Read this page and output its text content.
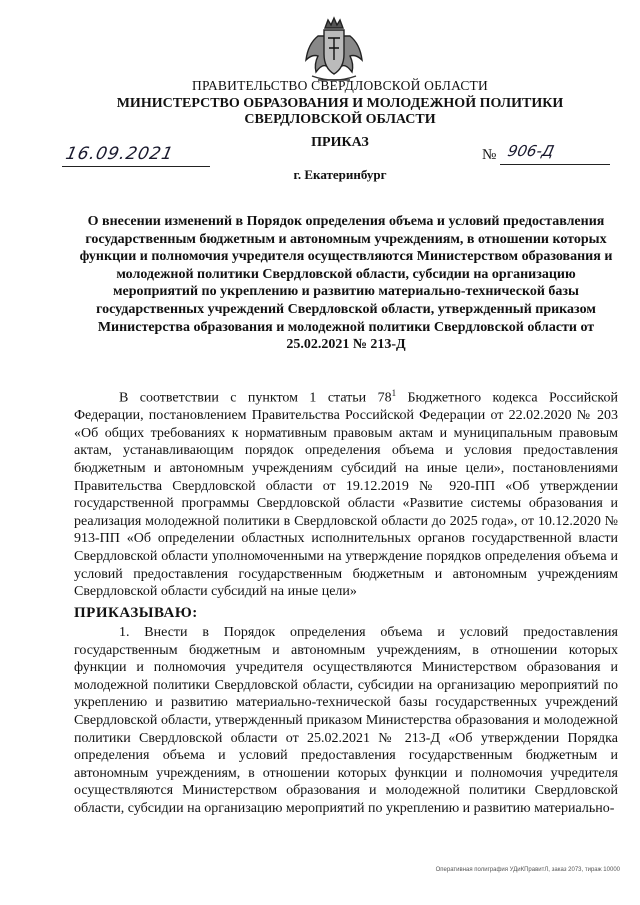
ПРАВИТЕЛЬСТВО СВЕРДЛОВСКОЙ ОБЛАСТИ
МИНИСТЕРСТВО ОБРАЗОВАНИЯ И МОЛОДЕЖНОЙ ПОЛИТИКИ
СВЕРДЛОВСКОЙ ОБЛАСТИ
ПРИКАЗ
16.09.2021	№ 906-Д
г. Екатеринбург
О внесении изменений в Порядок определения объема и условий предоставления государственным бюджетным и автономным учреждениям, в отношении которых функции и полномочия учредителя осуществляются Министерством образования и молодежной политики Свердловской области, субсидии на организацию мероприятий по укреплению и развитию материально-технической базы государственных учреждений Свердловской области, утвержденный приказом Министерства образования и молодежной политики Свердловской области от 25.02.2021 № 213-Д
В соответствии с пунктом 1 статьи $78^1$ Бюджетного кодекса Российской Федерации, постановлением Правительства Российской Федерации от 22.02.2020 № 203 «Об общих требованиях к нормативным правовым актам и муниципальным правовым актам, устанавливающим порядок определения объема и условия предоставления бюджетным и автономным учреждениям субсидий на иные цели», постановлениями Правительства Свердловской области от 19.12.2019 № 920-ПП «Об утверждении государственной программы Свердловской области «Развитие системы образования и реализация молодежной политики в Свердловской области до 2025 года», от 10.12.2020 № 913-ПП «Об определении областных исполнительных органов государственной власти Свердловской области уполномоченными на утверждение порядков определения объема и условий предоставления государственным бюджетным и автономным учреждениям Свердловской области субсидий на иные цели»
ПРИКАЗЫВАЮ:
1. Внести в Порядок определения объема и условий предоставления государственным бюджетным и автономным учреждениям, в отношении которых функции и полномочия учредителя осуществляются Министерством образования и молодежной политики Свердловской области, субсидии на организацию мероприятий по укреплению и развитию материально-технической базы государственных учреждений Свердловской области, утвержденный приказом Министерства образования и молодежной политики Свердловской области от 25.02.2021 № 213-Д «Об утверждении Порядка определения объема и условий предоставления государственным бюджетным и автономным учреждениям, в отношении которых функции и полномочия учредителя осуществляются Министерством образования и молодежной политики Свердловской области, субсидии на организацию мероприятий по укреплению и развитию материально-
Оперативная полиграфия УДиКПравитЛ, заказ 2073, тираж 10000
